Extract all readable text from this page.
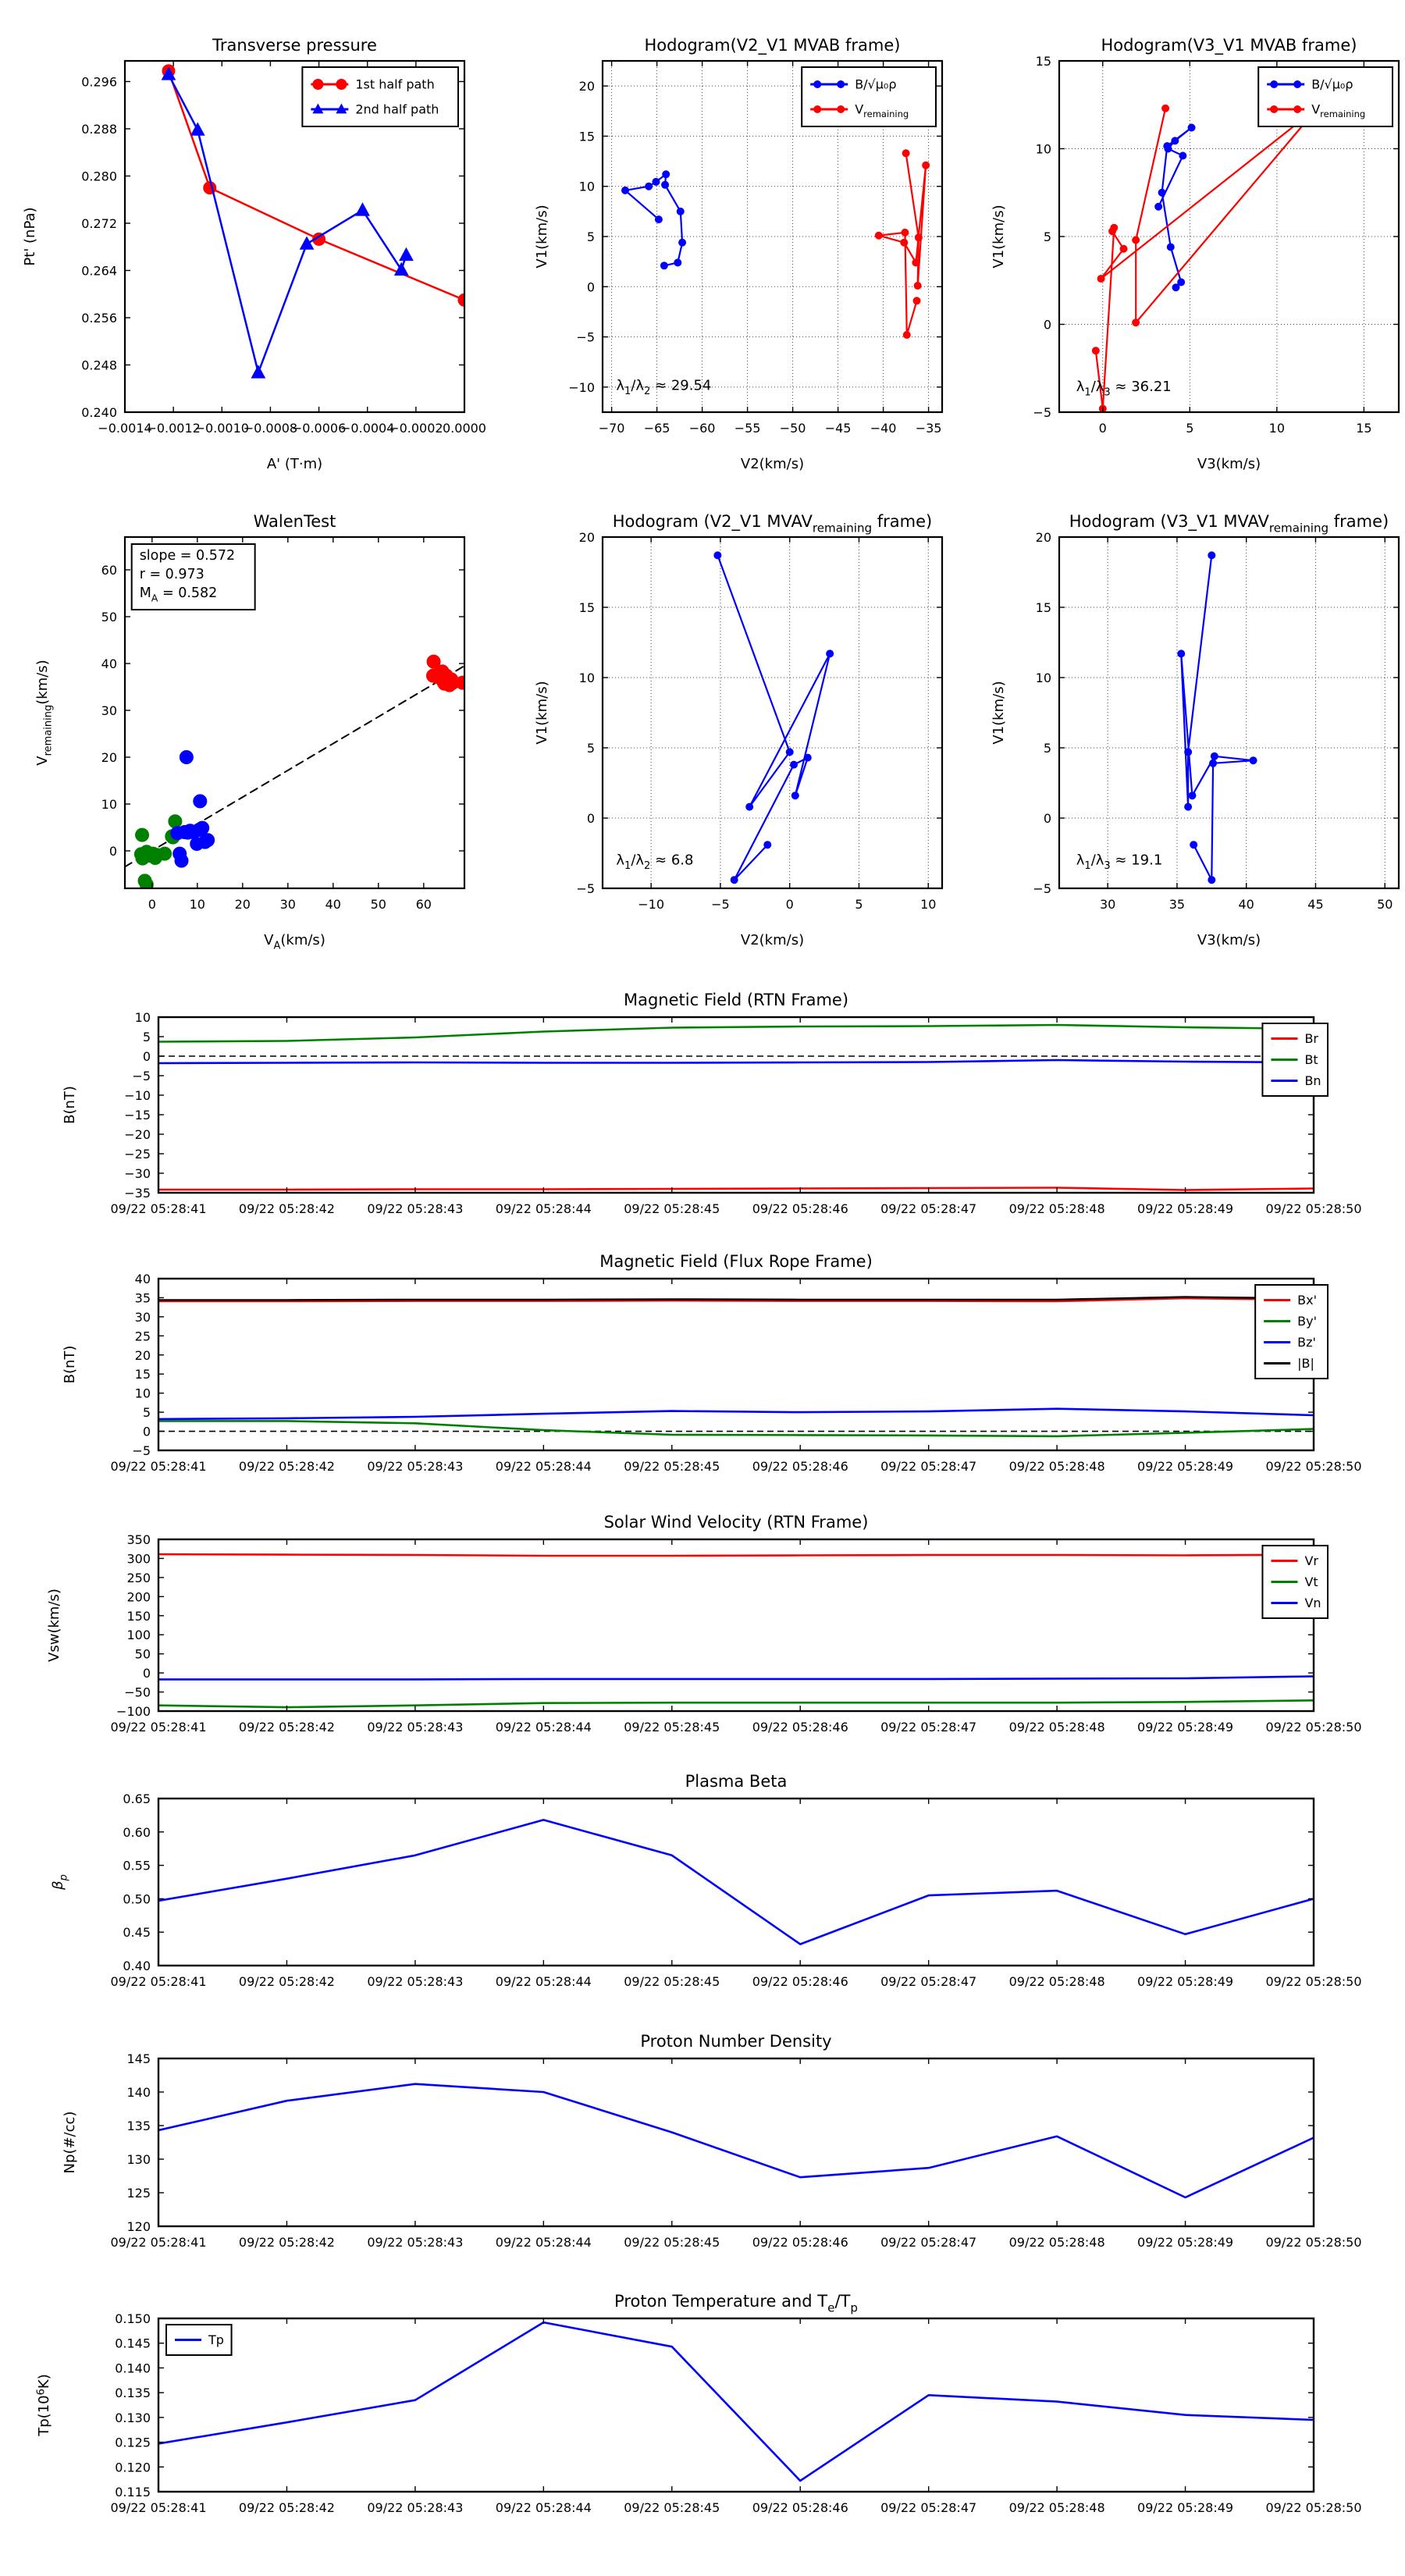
−0.0014
−0.0012
−0.0010
−0.0008
−0.0006
−0.0004
−0.0002 0.0000
0.240
0.248
0.256
0.264
0.272
0.280
0.288
0.296
Transverse pressure
A' (T·m)
Pt' (nPa)
1st half path
2nd half path
−70 −65 −60 −55 −50 −45 −40 −35
−10
−5
0
5
10
15
20
Hodogram(V2_V1 MVAB frame)
V2(km/s)
V1(km/s)
$\lambda_1/\lambda_2 \approx 29.54$
B/√μ₀ρ
$V_{remaining}$
0	5	10	15
−5
0
5
10
15
Hodogram(V3_V1 MVAB frame)
V3(km/s)
V1(km/s)
$\lambda_1/\lambda_3 \approx 36.21$
B/√μ₀ρ
$V_{remaining}$
0	10 20 30 40 50 60
0
10
20
30
40
50
60
WalenTest
$V_A(km/s)$
$V_{remaining}(km/s)$
slope = 0.572
r = 0.973
$M_A = 0.582$
−10	−5	0	5	10
−5
0
5
10
15
20
Hodogram (V2_V1 $MVAV_{remaining}$ frame)
V2(km/s)
V1(km/s)
$\lambda_1/\lambda_2 \approx 6.8$
30	35	40	45	50
−5
0
5
10
15
20
Hodogram (V3_V1 $MVAV_{remaining}$ frame)
V3(km/s)
V1(km/s)
$\lambda_1/\lambda_3 \approx 19.1$
09/22 05:28:41	09/22 05:28:42	09/22 05:28:43	09/22 05:28:44	09/22 05:28:45	09/22 05:28:46	09/22 05:28:47	09/22 05:28:48	09/22 05:28:49	09/22 05:28:50
10
5
0
−5
−10
−15
−20
−25
−30
−35
Magnetic Field (RTN Frame)
B(nT)
Br
Bt
Bn
09/22 05:28:41	09/22 05:28:42	09/22 05:28:43	09/22 05:28:44	09/22 05:28:45	09/22 05:28:46	09/22 05:28:47	09/22 05:28:48	09/22 05:28:49	09/22 05:28:50
40
35
30
25
20
15
10
5
0
−5
Magnetic Field (Flux Rope Frame)
B(nT)
Bx'
By'
Bz'
|B|
09/22 05:28:41	09/22 05:28:42	09/22 05:28:43	09/22 05:28:44	09/22 05:28:45	09/22 05:28:46	09/22 05:28:47	09/22 05:28:48	09/22 05:28:49	09/22 05:28:50
350
300
250
200
150
100
50
0
−50
−100
Solar Wind Velocity (RTN Frame)
Vsw(km/s)
Vr
Vt
Vn
09/22 05:28:41	09/22 05:28:42	09/22 05:28:43	09/22 05:28:44	09/22 05:28:45	09/22 05:28:46	09/22 05:28:47	09/22 05:28:48	09/22 05:28:49	09/22 05:28:50
0.65
0.60
0.55
0.50
0.45
0.40
Plasma Beta
$\beta_p$
09/22 05:28:41	09/22 05:28:42	09/22 05:28:43	09/22 05:28:44	09/22 05:28:45	09/22 05:28:46	09/22 05:28:47	09/22 05:28:48	09/22 05:28:49	09/22 05:28:50
145
140
135
130
125
120
Proton Number Density
Np(#/cc)
09/22 05:28:41	09/22 05:28:42	09/22 05:28:43	09/22 05:28:44	09/22 05:28:45	09/22 05:28:46	09/22 05:28:47	09/22 05:28:48	09/22 05:28:49	09/22 05:28:50
0.150
0.145
0.140
0.135
0.130
0.125
0.120
0.115
Proton Temperature and $T_e/T_p$
$Tp(10^6K)$
Tp
